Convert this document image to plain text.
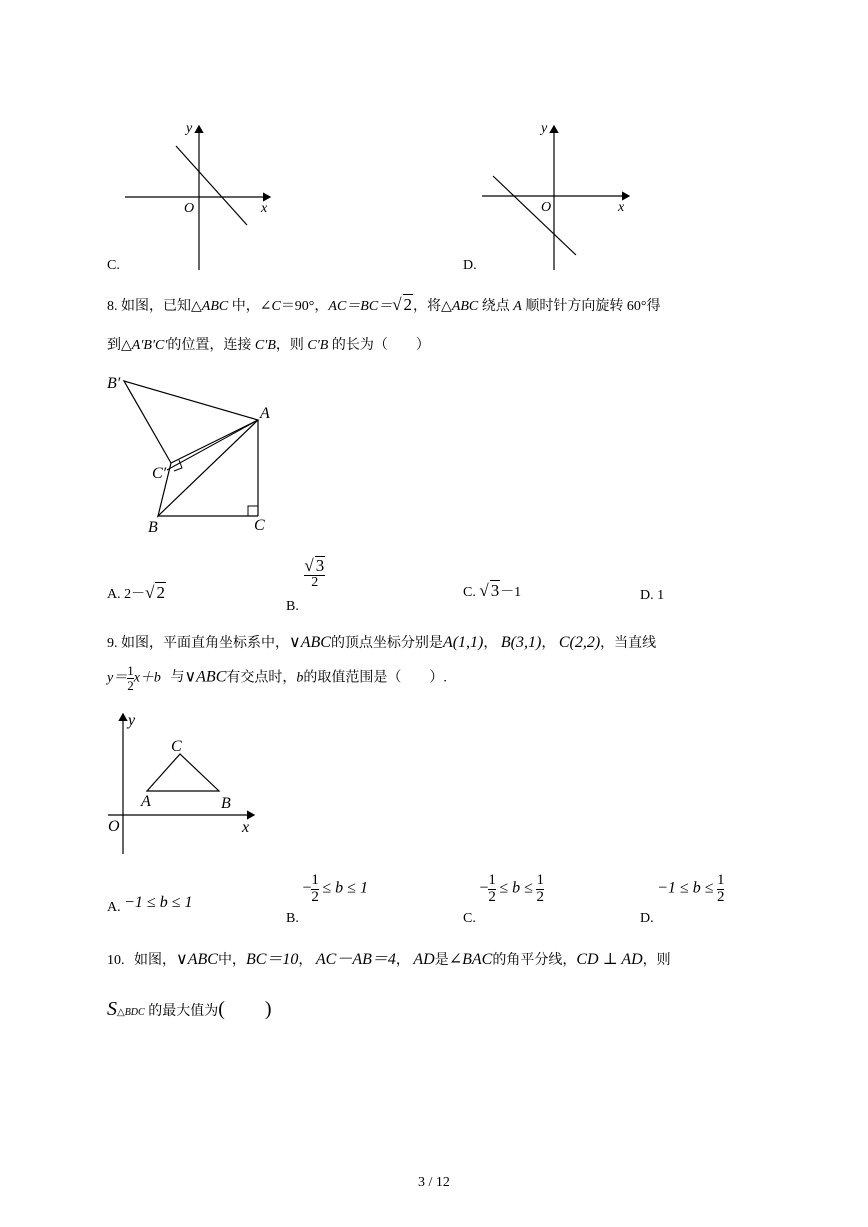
y
x
O
C.
y
x
O
D.
8. 如图，已知△ABC 中，∠C＝90°，AC＝BC＝√ 2，将△ABC 绕点 A 顺时针方向旋转 60°得
到△A′B′C′的位置，连接 C′B，则 C′B 的长为（　　）
B′
A
C′
B	C
A. 2－√ 2
B.
$\frac{√ 3}{2}$
C. √ 3－1	D. 1
9. 如图，平面直角坐标系中，∨ABC的顶点坐标分别是A(1,1)， B(3,1)， C(2,2)，当直线
$y= \frac{1}{2} x+b$ 与∨ABC有交点时，b的取值范围是（　　）.
y
x
O
A	B
C
A. −1 ≤ b ≤ 1
B. − $\frac{1}{2} \le b \le 1$
C. − $\frac{1}{2} \le b \le \frac{1}{2}$
D. $-1 \le b \le \frac{1}{2}$
10. 如图，∨ABC中，BC＝10， AC－AB＝4， AD是∠BAC的角平分线，CD ⊥ AD，则
S△BDC 的最大值为(　　)
3 / 12
